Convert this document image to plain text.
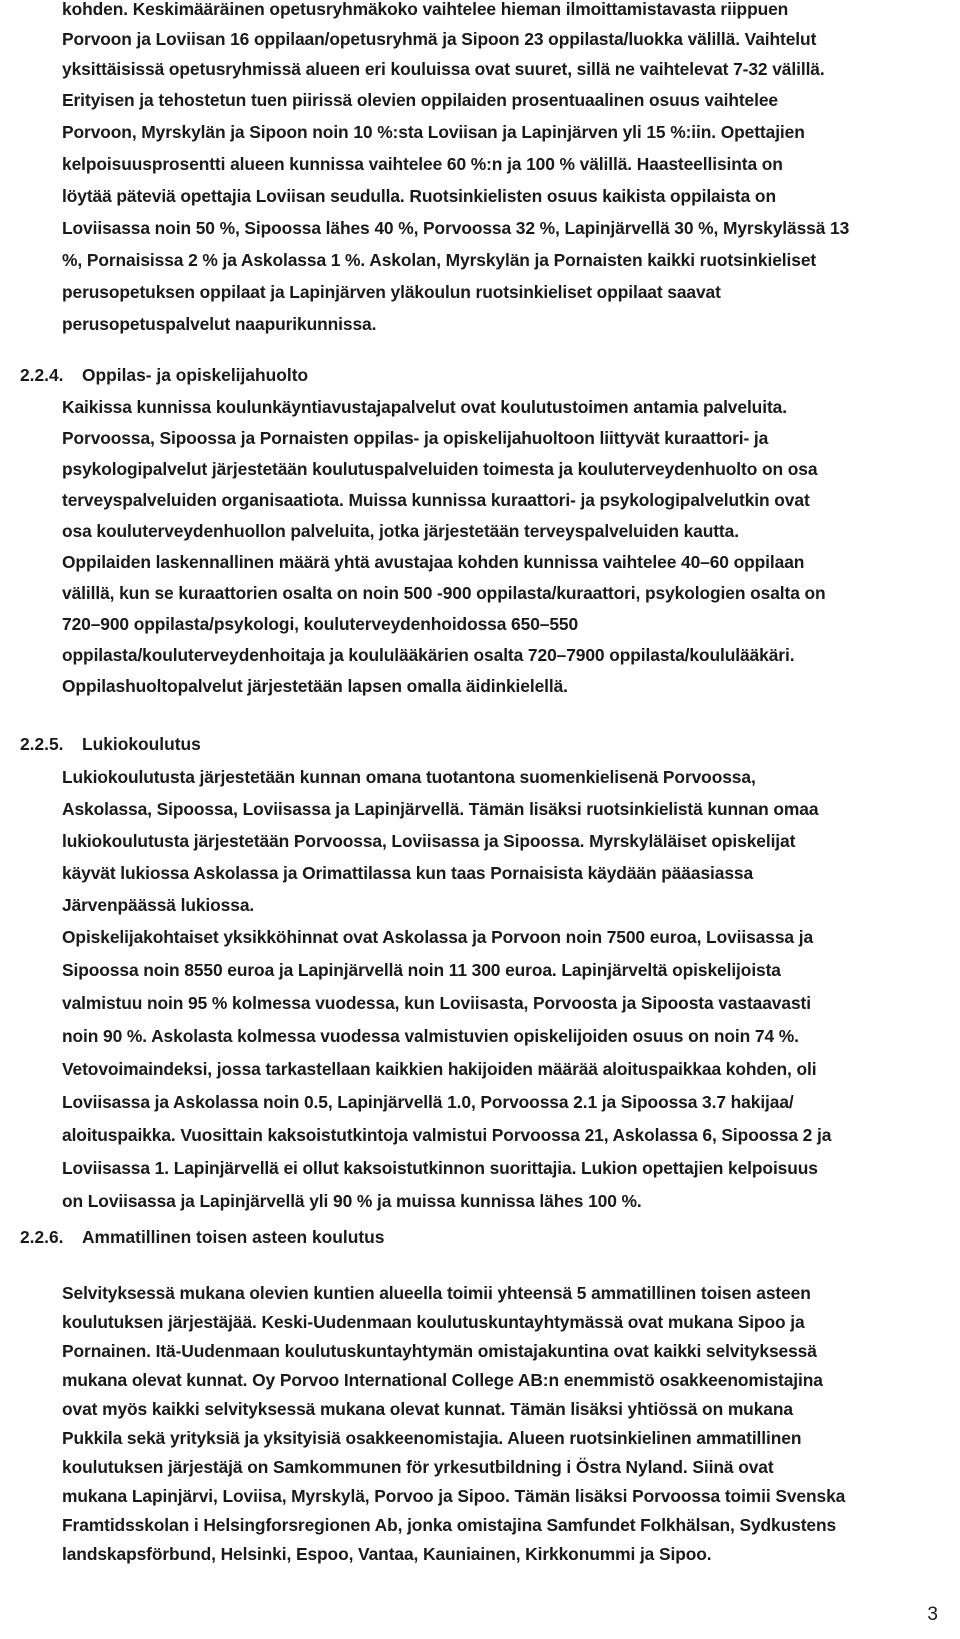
kohden. Keskimääräinen opetusryhmäkoko vaihtelee hieman ilmoittamistavasta riippuen
Porvoon ja Loviisan 16 oppilaan/opetusryhmä ja Sipoon 23 oppilasta/luokka välillä. Vaihtelut
yksittäisissä opetusryhmissä alueen eri kouluissa ovat suuret, sillä ne vaihtelevat 7-32 välillä.
Erityisen ja tehostetun tuen piirissä olevien oppilaiden prosentuaalinen osuus vaihtelee
Porvoon, Myrskylän ja Sipoon noin 10 %:sta Loviisan ja Lapinjärven yli 15 %:iin. Opettajien
kelpoisuusprosentti alueen kunnissa vaihtelee 60 %:n ja 100 % välillä. Haasteellisinta on
löytää päteviä opettajia Loviisan seudulla. Ruotsinkielisten osuus kaikista oppilaista on
Loviisassa noin 50 %, Sipoossa lähes 40 %, Porvoossa 32 %, Lapinjärvellä 30 %, Myrskylässä 13
%, Pornaisissa 2 % ja Askolassa 1 %. Askolan, Myrskylän ja Pornaisten kaikki ruotsinkieliset
perusopetuksen oppilaat ja Lapinjärven yläkoulun ruotsinkieliset oppilaat saavat
perusopetuspalvelut naapurikunnissa.
2.2.4. Oppilas- ja opiskelijahuolto
Kaikissa kunnissa koulunkäyntiavustajapalvelut ovat koulutustoimen antamia palveluita.
Porvoossa, Sipoossa ja Pornaisten oppilas- ja opiskelijahuoltoon liittyvät kuraattori- ja
psykologipalvelut järjestetään koulutuspalveluiden toimesta ja kouluterveydenhuolto on osa
terveyspalveluiden organisaatiota. Muissa kunnissa kuraattori- ja psykologipalvelutkin ovat
osa kouluterveydenhuollon palveluita, jotka järjestetään terveyspalveluiden kautta.
Oppilaiden laskennallinen määrä yhtä avustajaa kohden kunnissa vaihtelee 40–60 oppilaan
välillä, kun se kuraattorien osalta on noin 500 -900 oppilasta/kuraattori, psykologien osalta on
720–900 oppilasta/psykologi, kouluterveydenhoidossa 650–550
oppilasta/kouluterveydenhoitaja ja koululääkärien osalta 720–7900 oppilasta/koululääkäri.
Oppilashuoltopalvelut järjestetään lapsen omalla äidinkielellä.
2.2.5. Lukiokoulutus
Lukiokoulutusta järjestetään kunnan omana tuotantona suomenkielisenä Porvoossa,
Askolassa, Sipoossa, Loviisassa ja Lapinjärvellä. Tämän lisäksi ruotsinkielistä kunnan omaa
lukiokoulutusta järjestetään Porvoossa, Loviisassa ja Sipoossa. Myrskyläläiset opiskelijat
käyvät lukiossa Askolassa ja Orimattilassa kun taas Pornaisista käydään pääasiassa
Järvenpäässä lukiossa.
Opiskelijakohtaiset yksikköhinnat ovat Askolassa ja Porvoon noin 7500 euroa, Loviisassa ja
Sipoossa noin 8550 euroa ja Lapinjärvellä noin 11 300 euroa. Lapinjärveltä opiskelijoista
valmistuu noin 95 % kolmessa vuodessa, kun Loviisasta, Porvoosta ja Sipoosta vastaavasti
noin 90 %. Askolasta kolmessa vuodessa valmistuvien opiskelijoiden osuus on noin 74 %.
Vetovoimaindeksi, jossa tarkastellaan kaikkien hakijoiden määrää aloituspaikkaa kohden, oli
Loviisassa ja Askolassa noin 0.5, Lapinjärvellä 1.0, Porvoossa 2.1 ja Sipoossa 3.7 hakijaa/
aloituspaikka. Vuosittain kaksoistutkintoja valmistui Porvoossa 21, Askolassa 6, Sipoossa 2 ja
Loviisassa 1. Lapinjärvellä ei ollut kaksoistutkinnon suorittajia. Lukion opettajien kelpoisuus
on Loviisassa ja Lapinjärvellä yli 90 % ja muissa kunnissa lähes 100 %.
2.2.6. Ammatillinen toisen asteen koulutus
Selvityksessä mukana olevien kuntien alueella toimii yhteensä 5 ammatillinen toisen asteen
koulutuksen järjestäjää. Keski-Uudenmaan koulutuskuntayhtymässä ovat mukana Sipoo ja
Pornainen. Itä-Uudenmaan koulutuskuntayhtymän omistajakuntina ovat kaikki selvityksessä
mukana olevat kunnat. Oy Porvoo International College AB:n enemmistö osakkeenomistajina
ovat myös kaikki selvityksessä mukana olevat kunnat. Tämän lisäksi yhtiössä on mukana
Pukkila sekä yrityksiä ja yksityisiä osakkeenomistajia. Alueen ruotsinkielinen ammatillinen
koulutuksen järjestäjä on Samkommunen för yrkesutbildning i Östra Nyland. Siinä ovat
mukana Lapinjärvi, Loviisa, Myrskylä, Porvoo ja Sipoo. Tämän lisäksi Porvoossa toimii Svenska
Framtidsskolan i Helsingforsregionen Ab, jonka omistajina Samfundet Folkhälsan, Sydkustens
landskapsförbund, Helsinki, Espoo, Vantaa, Kauniainen, Kirkkonummi ja Sipoo.
3
